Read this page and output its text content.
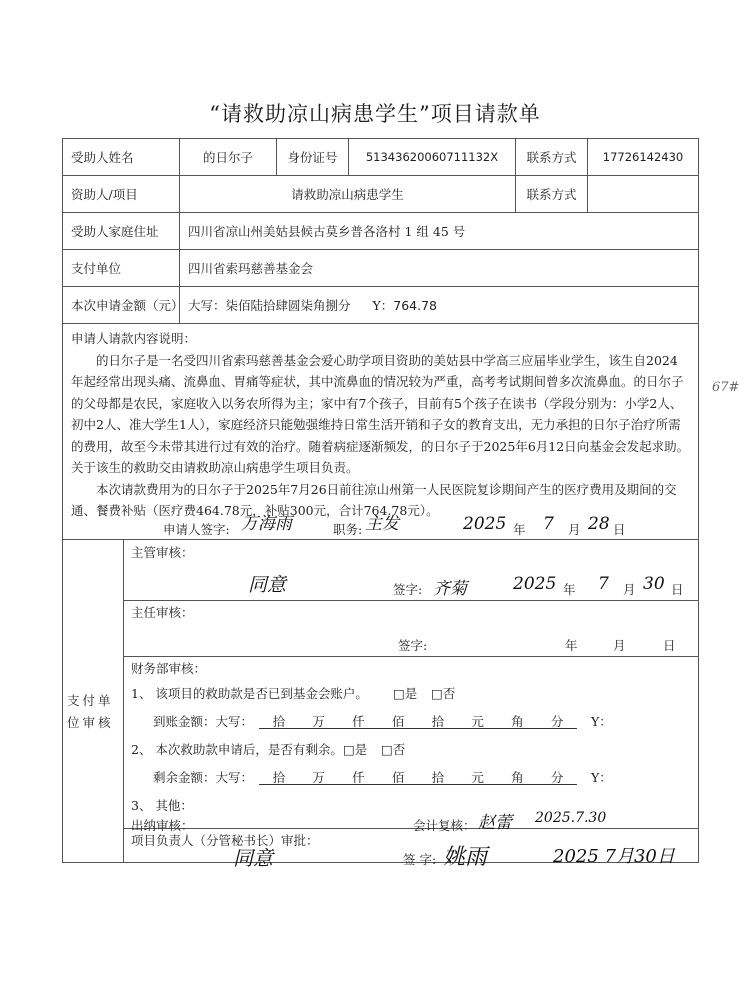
“请救助凉山病患学生”项目请款单
受助人姓名	的日尔子	身份证号	51343620060711132X	联系方式	17726142430
资助人/项目	请救助凉山病患学生			联系方式	
受助人家庭住址	四川省凉山州美姑县候古莫乡普各洛村 1 组 45 号				
支付单位	四川省索玛慈善基金会				
本次申请金额（元）	大写：柒佰陆拾肆圆柒角捌分 Y：764.78				

申请人请款内容说明：

的日尔子是一名受四川省索玛慈善基金会爱心助学项目资助的美姑县中学高三应届毕业学生，该生自2024年起经常出现头痛、流鼻血、胃痛等症状，其中流鼻血的情况较为严重，高考考试期间曾多次流鼻血。的日尔子的父母都是农民，家庭收入以务农所得为主；家中有7个孩子，目前有5个孩子在读书（学段分别为：小学2人、初中2人、准大学生1人），家庭经济只能勉强维持日常生活开销和子女的教育支出，无力承担的日尔子治疗所需的费用，故至今未带其进行过有效的治疗。随着病症逐渐频发，的日尔子于2025年6月12日向基金会发起求助。关于该生的救助交由请救助凉山病患学生项目负责。

本次请款费用为的日尔子于2025年7月26日前往凉山州第一人民医院复诊期间产生的医疗费用及期间的交通、餐费补贴（医疗费464.78元，补贴300元，合计764.78元）。

申请人签字: 万海雨	职务: 主发	2025 年 7 月 28 日
支付单位审核
主管审核：
同意	签字: 齐菊	2025 年 7 月 30 日
主任审核：
签字:	年	月	日
财务部审核：
1、 该项目的救助款是否已到基金会账户。 □是 □否
到账金额：大写： 拾 万 仟 佰 拾 元 角 分 Y：
2、 本次救助款申请后，是否有剩余。 □是 □否
剩余金额：大写： 拾 万 仟 佰 拾 元 角 分 Y：
3、 其他：
出纳审核：	会计复核： 赵蕾 2025.7.30
项目负责人（分管秘书长）审批：
同意	签 字: 姚雨	2025 7月30日
67#
